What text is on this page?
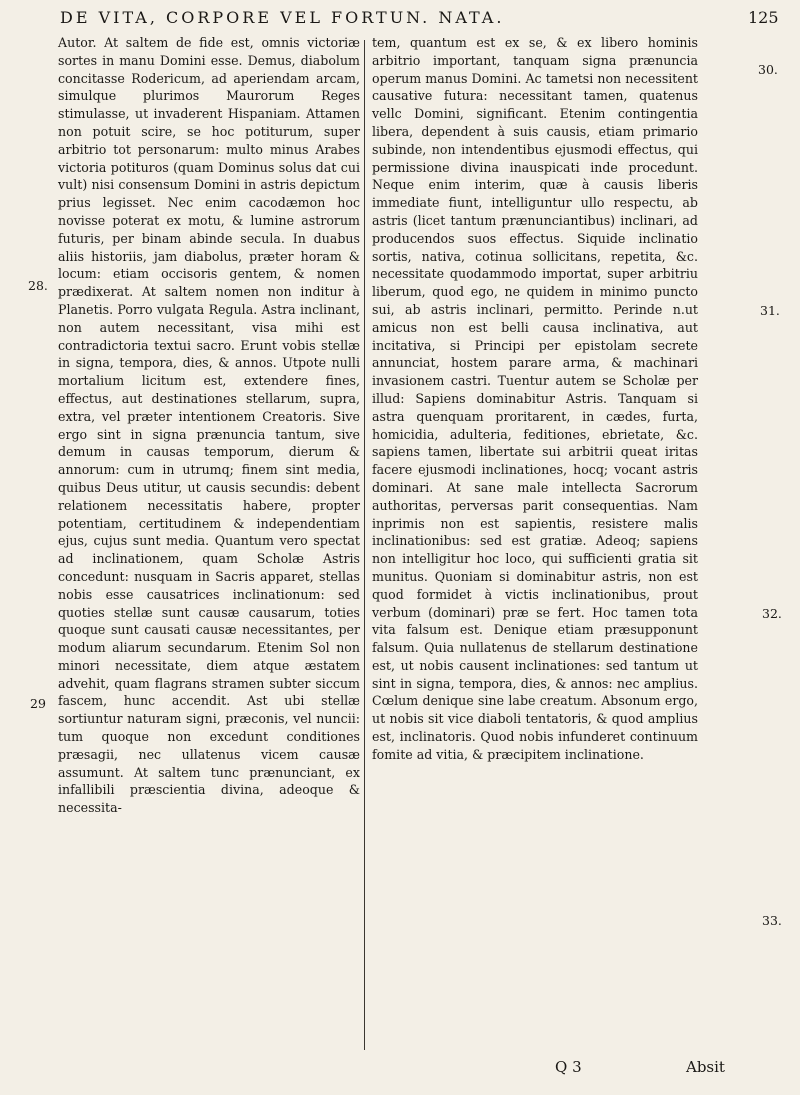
DE VITA, CORPORE VEL FORTUN. NATA.	125

Autor. At saltem de fide est, omnis victoriæ sortes in manu Domini esse. Demus, diabolum concitasse Rodericum, ad aperiendam arcam, simulque plurimos Maurorum Reges stimulasse, ut invaderent Hispaniam. Attamen non potuit scire, se hoc potiturum, super arbitrio tot personarum: multo minus Arabes victoria potituros (quam Dominus solus dat cui vult) nisi consensum Domini in astris depictum prius legisset. Nec enim cacodæmon hoc novisse poterat ex motu, & lumine astrorum futuris, per binam abinde secula. In duabus aliis historiis, jam diabolus, præter horam & locum: etiam occisoris gentem, & nomen prædixerat. At saltem nomen non inditur à Planetis. Porro vulgata Regula. Astra inclinant, non autem necessitant, visa mihi est contradictoria textui sacro. Erunt vobis stellæ in signa, tempora, dies, & annos. Utpote nulli mortalium licitum est, extendere fines, effectus, aut destinationes stellarum, supra, extra, vel præter intentionem Creatoris. Sive ergo sint in signa prænuncia tantum, sive demum in causas temporum, dierum & annorum: cum in utrumq; finem sint media, quibus Deus utitur, ut causis secundis: debent relationem necessitatis habere, propter potentiam, certitudinem & independentiam ejus, cujus sunt media. Quantum vero spectat ad inclinationem, quam Scholæ Astris concedunt: nusquam in Sacris apparet, stellas nobis esse causatrices inclinationum: sed quoties stellæ sunt causæ causarum, toties quoque sunt causati causæ necessitantes, per modum aliarum secundarum. Etenim Sol non minori necessitate, diem atque æstatem advehit, quam flagrans stramen subter siccum fascem, hunc accendit. Ast ubi stellæ sortiuntur naturam signi, præconis, vel nuncii: tum quoque non excedunt conditiones præsagii, nec ullatenus vicem causæ assumunt. At saltem tunc prænunciant, ex infallibili præscientia divina, adeoque & necessita-

tem, quantum est ex se, & ex libero hominis arbitrio important, tanquam signa prænuncia operum manus Domini. Ac tametsi non necessitent causative futura: necessitant tamen, quatenus vellc Domini, significant. Etenim contingentia libera, dependent à suis causis, etiam primario subinde, non intendentibus ejusmodi effectus, qui permissione divina inauspicati inde procedunt. Neque enim interim, quæ à causis liberis immediate fiunt, intelliguntur ullo respectu, ab astris (licet tantum prænunciantibus) inclinari, ad producendos suos effectus. Siquide inclinatio sortis, nativa, cotinua sollicitans, repetita, &c. necessitate quodammodo importat, super arbitriu liberum, quod ego, ne quidem in minimo puncto sui, ab astris inclinari, permitto. Perinde n.ut amicus non est belli causa inclinativa, aut incitativa, si Principi per epistolam secrete annunciat, hostem parare arma, & machinari invasionem castri. Tuentur autem se Scholæ per illud: Sapiens dominabitur Astris. Tanquam si astra quenquam proritarent, in cædes, furta, homicidia, adulteria, feditiones, ebrietate, &c. sapiens tamen, libertate sui arbitrii queat iritas facere ejusmodi inclinationes, hocq; vocant astris dominari. At sane male intellecta Sacrorum authoritas, perversas parit consequentias. Nam inprimis non est sapientis, resistere malis inclinationibus: sed est gratiæ. Adeoq; sapiens non intelligitur hoc loco, qui sufficienti gratia sit munitus. Quoniam si dominabitur astris, non est quod formidet à victis inclinationibus, prout verbum (dominari) præ se fert. Hoc tamen tota vita falsum est. Denique etiam præsupponunt falsum. Quia nullatenus de stellarum destinatione est, ut nobis causent inclinationes: sed tantum ut sint in signa, tempora, dies, & annos: nec amplius. Cœlum denique sine labe creatum. Absonum ergo, ut nobis sit vice diaboli tentatoris, & quod amplius est, inclinatoris. Quod nobis infunderet continuum fomite ad vitia, & præcipitem inclinatione.

28.
29
30.
31.
32.
33.
Q 3	Absit
